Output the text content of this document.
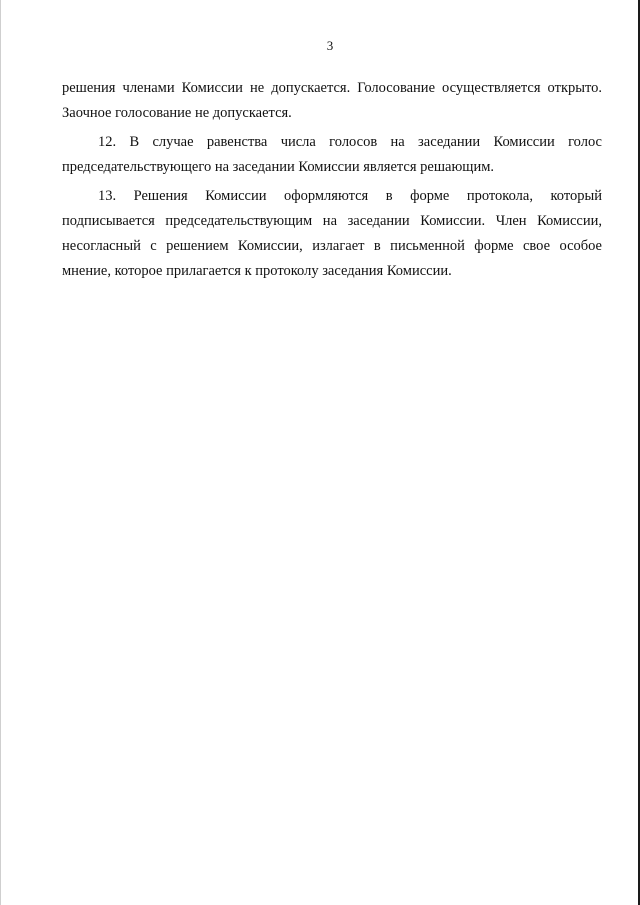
3
решения членами Комиссии не допускается. Голосование осуществляется открыто.
Заочное голосование не допускается.
12. В случае равенства числа голосов на заседании Комиссии голос
председательствующего на заседании Комиссии является решающим.
13. Решения Комиссии оформляются в форме протокола, который
подписывается председательствующим на заседании Комиссии. Член Комиссии,
несогласный с решением Комиссии, излагает в письменной форме свое особое
мнение, которое прилагается к протоколу заседания Комиссии.
